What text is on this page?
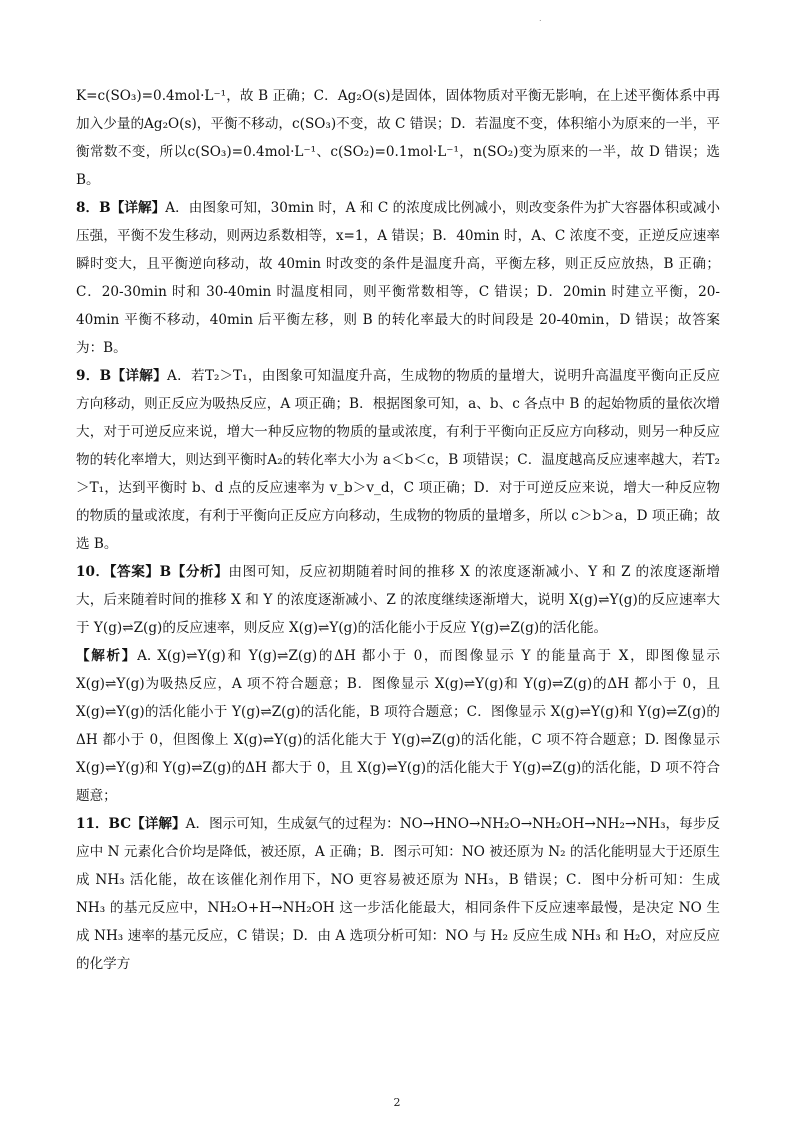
.

K=c(SO₃)=0.4mol·L⁻¹，故 B 正确；C．Ag₂O(s)是固体，固体物质对平衡无影响，在上述平衡体系中再加入少量的Ag₂O(s)，平衡不移动，c(SO₃)不变，故 C 错误；D．若温度不变，体积缩小为原来的一半，平衡常数不变，所以c(SO₃)=0.4mol·L⁻¹、c(SO₂)=0.1mol·L⁻¹，n(SO₂)变为原来的一半，故 D 错误；选 B。

8．B【详解】A．由图象可知，30min 时，A 和 C 的浓度成比例减小，则改变条件为扩大容器体积或减小压强，平衡不发生移动，则两边系数相等，x=1，A 错误；B．40min 时，A、C 浓度不变，正逆反应速率瞬时变大，且平衡逆向移动，故 40min 时改变的条件是温度升高，平衡左移，则正反应放热，B 正确；C．20-30min 时和 30-40min 时温度相同，则平衡常数相等，C 错误；D．20min 时建立平衡，20-40min 平衡不移动，40min 后平衡左移，则 B 的转化率最大的时间段是 20-40min，D 错误；故答案为：B。

9．B【详解】A．若T₂＞T₁，由图象可知温度升高，生成物的物质的量增大，说明升高温度平衡向正反应方向移动，则正反应为吸热反应，A 项正确；B．根据图象可知，a、b、c 各点中 B 的起始物质的量依次增大，对于可逆反应来说，增大一种反应物的物质的量或浓度，有利于平衡向正反应方向移动，则另一种反应物的转化率增大，则达到平衡时A₂的转化率大小为 a＜b＜c，B 项错误；C．温度越高反应速率越大，若T₂＞T₁，达到平衡时 b、d 点的反应速率为 v_b＞v_d，C 项正确；D．对于可逆反应来说，增大一种反应物的物质的量或浓度，有利于平衡向正反应方向移动，生成物的物质的量增多，所以 c＞b＞a，D 项正确；故选 B。

10．【答案】B【分析】由图可知，反应初期随着时间的推移 X 的浓度逐渐减小、Y 和 Z 的浓度逐渐增大，后来随着时间的推移 X 和 Y 的浓度逐渐减小、Z 的浓度继续逐渐增大，说明 X(g)⇌Y(g)的反应速率大于 Y(g)⇌Z(g)的反应速率，则反应 X(g)⇌Y(g)的活化能小于反应 Y(g)⇌Z(g)的活化能。

【解析】A. X(g)⇌Y(g)和 Y(g)⇌Z(g)的ΔH 都小于 0，而图像显示 Y 的能量高于 X，即图像显示 X(g)⇌Y(g)为吸热反应，A 项不符合题意；B．图像显示 X(g)⇌Y(g)和 Y(g)⇌Z(g)的ΔH 都小于 0，且 X(g)⇌Y(g)的活化能小于 Y(g)⇌Z(g)的活化能，B 项符合题意；C．图像显示 X(g)⇌Y(g)和 Y(g)⇌Z(g)的ΔH 都小于 0，但图像上 X(g)⇌Y(g)的活化能大于 Y(g)⇌Z(g)的活化能，C 项不符合题意；D. 图像显示 X(g)⇌Y(g)和 Y(g)⇌Z(g)的ΔH 都大于 0，且 X(g)⇌Y(g)的活化能大于 Y(g)⇌Z(g)的活化能，D 项不符合题意；

11．BC【详解】A．图示可知，生成氨气的过程为：NO→HNO→NH₂O→NH₂OH→NH₂→NH₃，每步反应中 N 元素化合价均是降低，被还原，A 正确；B．图示可知：NO 被还原为 N₂ 的活化能明显大于还原生成 NH₃ 活化能，故在该催化剂作用下，NO 更容易被还原为 NH₃，B 错误；C．图中分析可知：生成 NH₃ 的基元反应中，NH₂O+H→NH₂OH 这一步活化能最大，相同条件下反应速率最慢，是决定 NO 生成 NH₃ 速率的基元反应，C 错误；D．由 A 选项分析可知：NO 与 H₂ 反应生成 NH₃ 和 H₂O，对应反应的化学方

2
